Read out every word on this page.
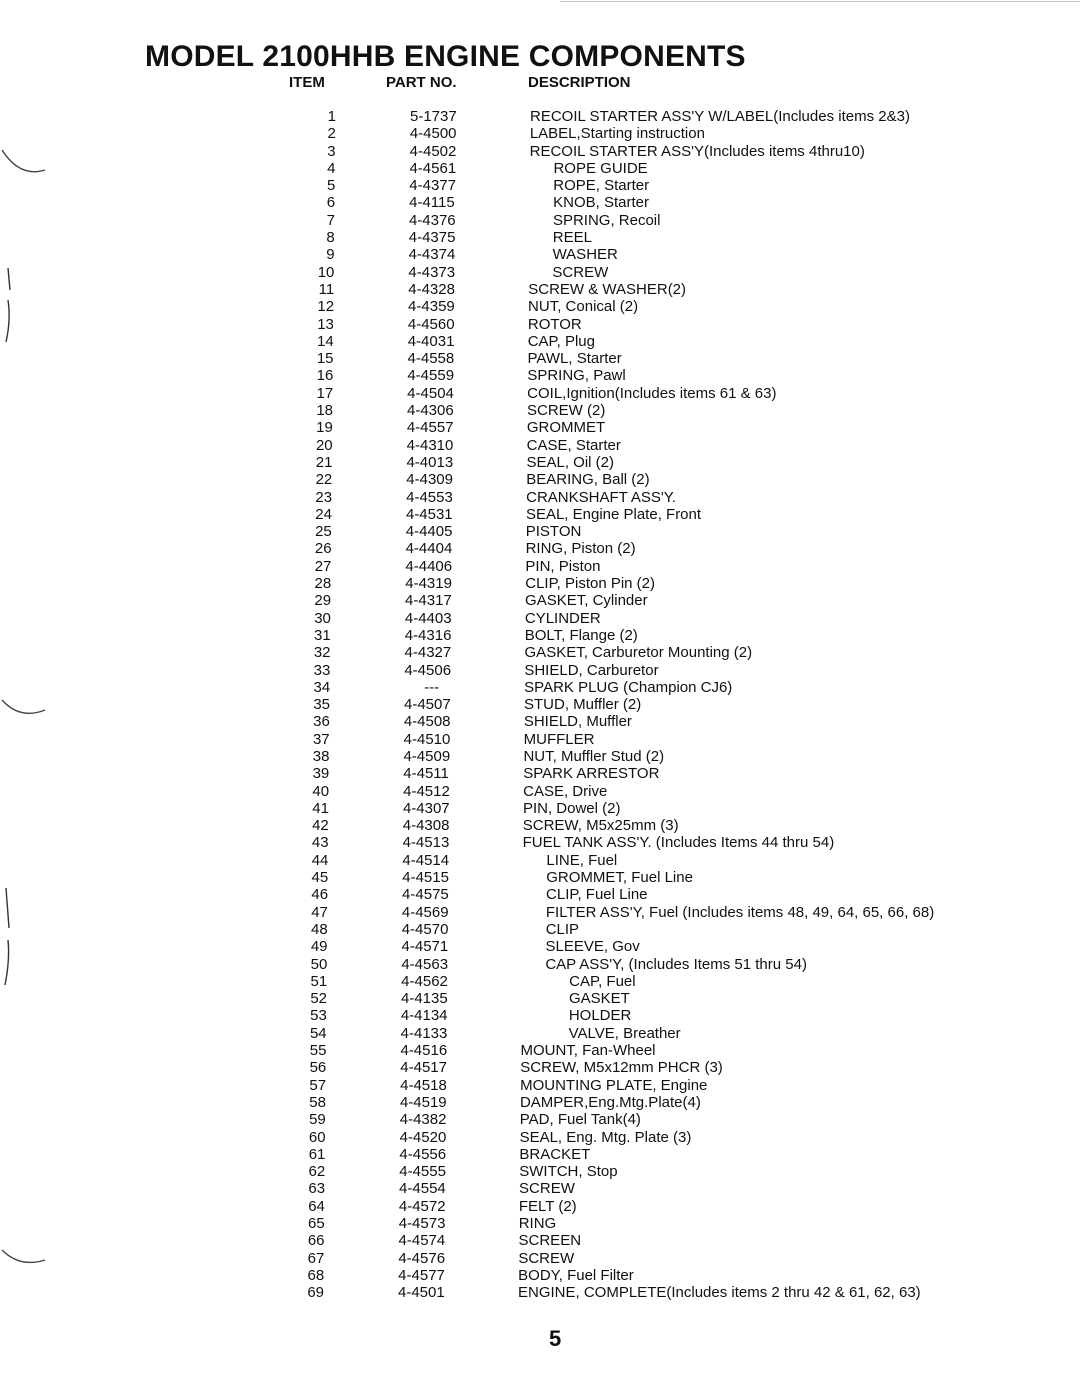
MODEL 2100HHB ENGINE COMPONENTS
ITEM	PART NO.	DESCRIPTION
1	5-1737	RECOIL STARTER ASS'Y W/LABEL(Includes items 2&3)
2	4-4500	LABEL,Starting instruction
3	4-4502	RECOIL STARTER ASS'Y(Includes items 4thru10)
4	4-4561	ROPE GUIDE
5	4-4377	ROPE, Starter
6	4-4115	KNOB, Starter
7	4-4376	SPRING, Recoil
8	4-4375	REEL
9	4-4374	WASHER
10	4-4373	SCREW
11	4-4328	SCREW & WASHER(2)
12	4-4359	NUT, Conical (2)
13	4-4560	ROTOR
14	4-4031	CAP, Plug
15	4-4558	PAWL, Starter
16	4-4559	SPRING, Pawl
17	4-4504	COIL,Ignition(Includes items 61 & 63)
18	4-4306	SCREW (2)
19	4-4557	GROMMET
20	4-4310	CASE, Starter
21	4-4013	SEAL, Oil (2)
22	4-4309	BEARING, Ball (2)
23	4-4553	CRANKSHAFT ASS'Y.
24	4-4531	SEAL, Engine Plate, Front
25	4-4405	PISTON
26	4-4404	RING, Piston (2)
27	4-4406	PIN, Piston
28	4-4319	CLIP, Piston Pin (2)
29	4-4317	GASKET, Cylinder
30	4-4403	CYLINDER
31	4-4316	BOLT, Flange (2)
32	4-4327	GASKET, Carburetor Mounting (2)
33	4-4506	SHIELD, Carburetor
34	---	SPARK PLUG (Champion CJ6)
35	4-4507	STUD, Muffler (2)
36	4-4508	SHIELD, Muffler
37	4-4510	MUFFLER
38	4-4509	NUT, Muffler Stud (2)
39	4-4511	SPARK ARRESTOR
40	4-4512	CASE, Drive
41	4-4307	PIN, Dowel (2)
42	4-4308	SCREW, M5x25mm (3)
43	4-4513	FUEL TANK ASS'Y. (Includes Items 44 thru 54)
44	4-4514	LINE, Fuel
45	4-4515	GROMMET, Fuel Line
46	4-4575	CLIP, Fuel Line
47	4-4569	FILTER ASS'Y, Fuel (Includes items 48, 49, 64, 65, 66, 68)
48	4-4570	CLIP
49	4-4571	SLEEVE, Gov
50	4-4563	CAP ASS'Y, (Includes Items 51 thru 54)
51	4-4562	CAP, Fuel
52	4-4135	GASKET
53	4-4134	HOLDER
54	4-4133	VALVE, Breather
55	4-4516	MOUNT, Fan-Wheel
56	4-4517	SCREW, M5x12mm PHCR (3)
57	4-4518	MOUNTING PLATE, Engine
58	4-4519	DAMPER,Eng.Mtg.Plate(4)
59	4-4382	PAD, Fuel Tank(4)
60	4-4520	SEAL, Eng. Mtg. Plate (3)
61	4-4556	BRACKET
62	4-4555	SWITCH, Stop
63	4-4554	SCREW
64	4-4572	FELT (2)
65	4-4573	RING
66	4-4574	SCREEN
67	4-4576	SCREW
68	4-4577	BODY, Fuel Filter
69	4-4501	ENGINE, COMPLETE(Includes items 2 thru 42 & 61, 62, 63)
5
